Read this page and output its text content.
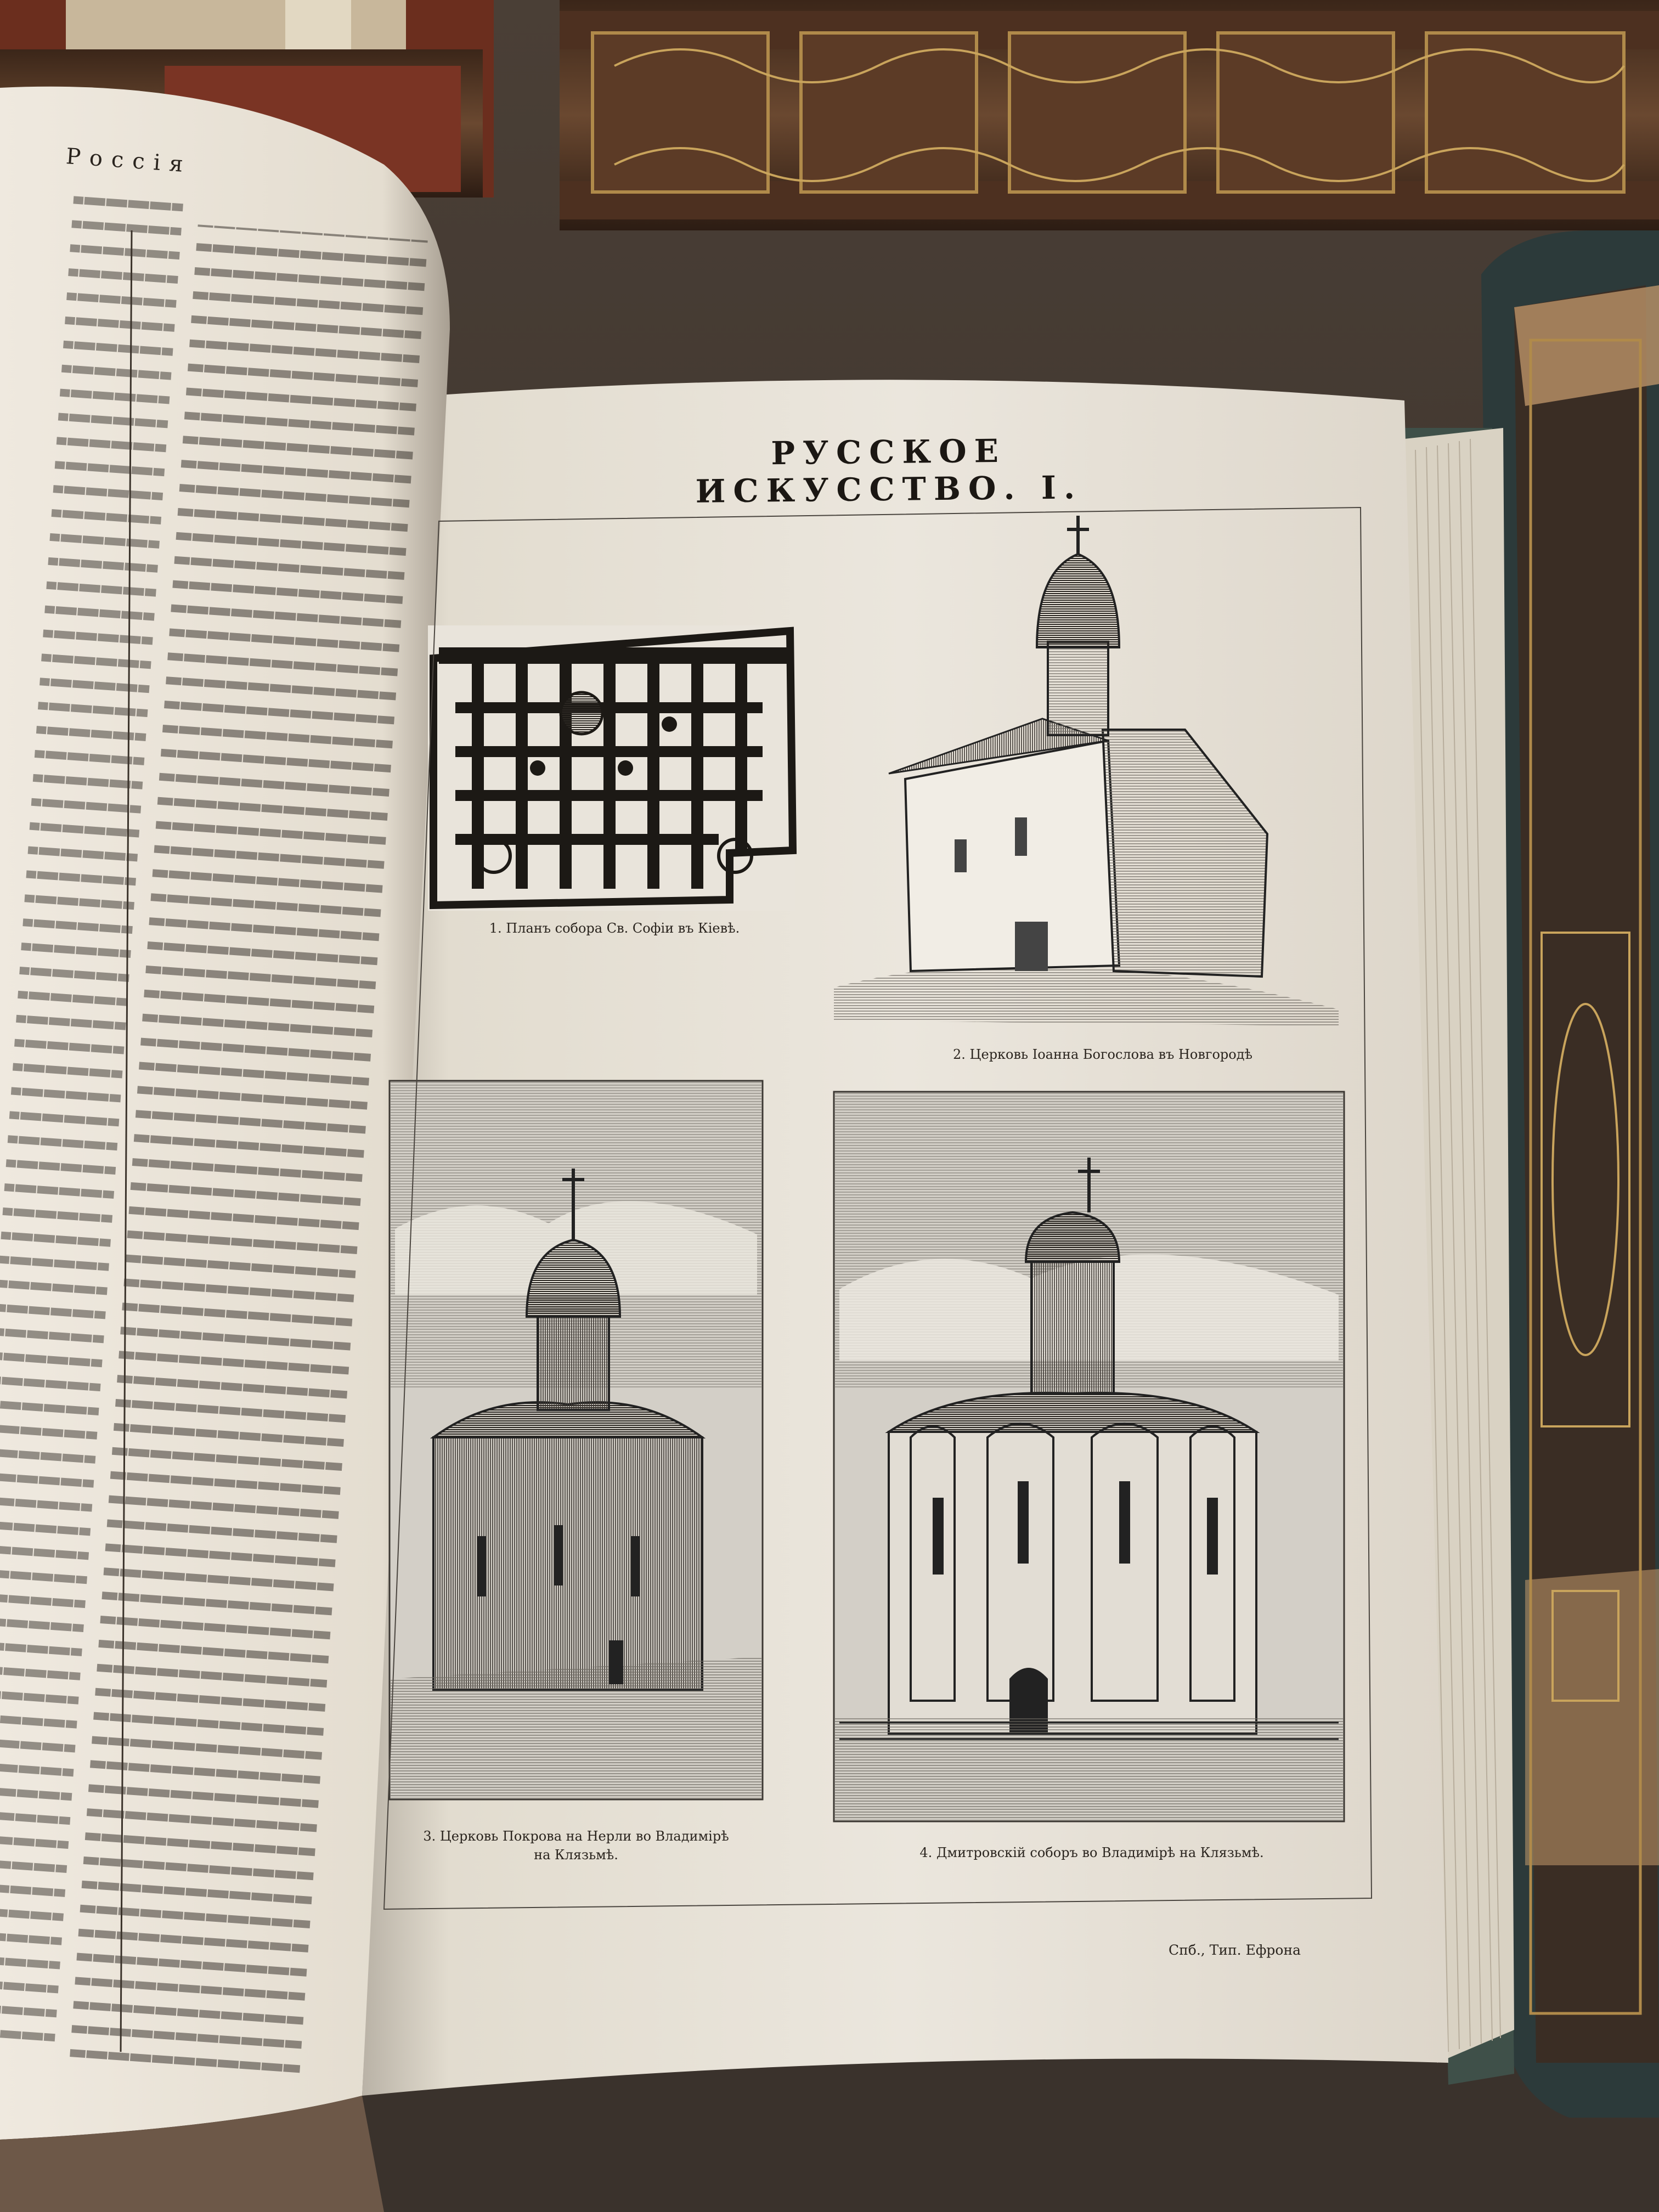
Россія
РУССКОЕ ИСКУССТВО. I.
1. Планъ собора Св. Софіи въ Кіевѣ.
2. Церковь Іоанна Богослова въ Новгородѣ
3. Церковь Покрова на Нерли во Владимірѣ
на Клязьмѣ.	4. Дмитровскій соборъ во Владимірѣ на Клязьмѣ.
Спб., Тип. Ефрона
